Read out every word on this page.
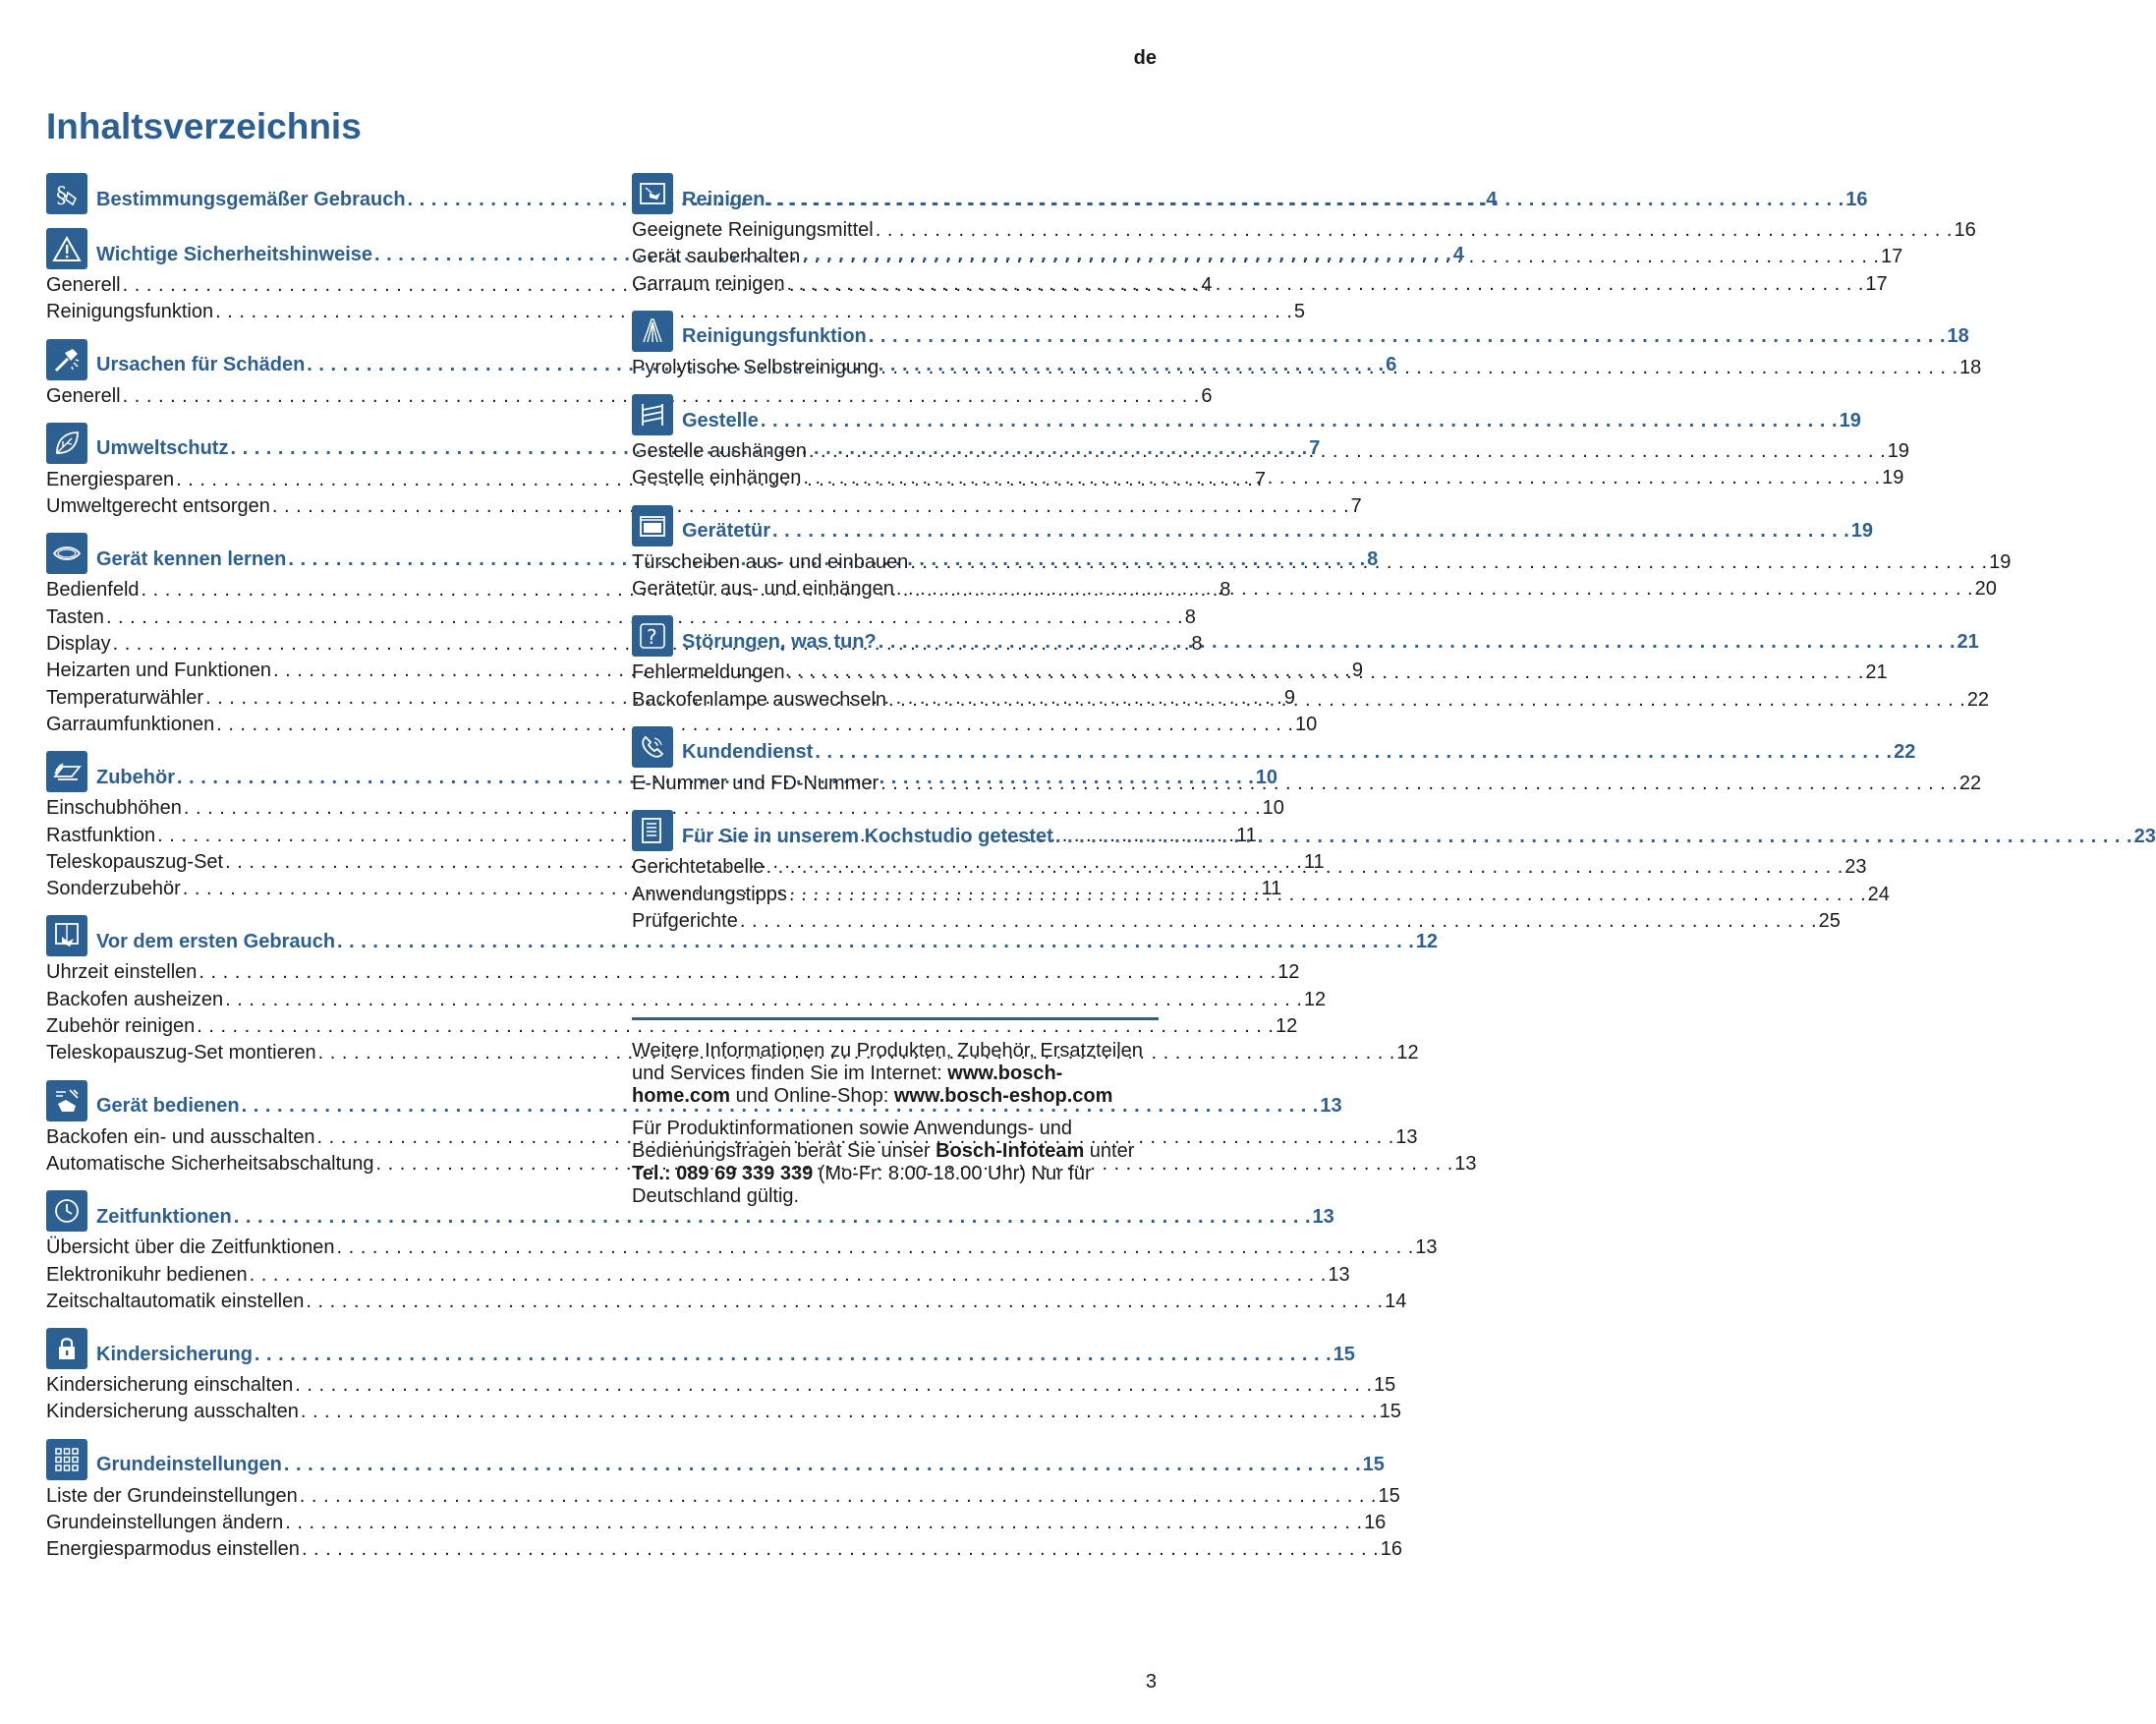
de
Inhaltsverzeichnis
§ Bestimmungsgemäßer Gebrauch . . .	4
Wichtige Sicherheitshinweise . . .	4
Generell . . .	4
Reinigungsfunktion . . .	5
Ursachen für Schäden . . .	6
Generell . . .	6
Umweltschutz . . .	7
Energiesparen . . .	7
Umweltgerecht entsorgen . . .	7
Gerät kennen lernen . . .	8
Bedienfeld . . .	8
Tasten . . .	8
Display . . .	8
Heizarten und Funktionen . . .	9
Temperaturwähler . . .	9
Garraumfunktionen . . .	10
Zubehör . . .	10
Einschubhöhen . . .	10
Rastfunktion . . .	11
Teleskopauszug-Set . . .	11
Sonderzubehör . . .	11
Vor dem ersten Gebrauch . . .	12
Uhrzeit einstellen . . .	12
Backofen ausheizen . . .	12
Zubehör reinigen . . .	12
Teleskopauszug-Set montieren . . .	12
Gerät bedienen . . .	13
Backofen ein- und ausschalten . . .	13
Automatische Sicherheitsabschaltung . . .	13
Zeitfunktionen . . .	13
Übersicht über die Zeitfunktionen . . .	13
Elektronikuhr bedienen . . .	13
Zeitschaltautomatik einstellen . . .	14
Kindersicherung . . .	15
Kindersicherung einschalten . . .	15
Kindersicherung ausschalten . . .	15
Grundeinstellungen . . .	15
Liste der Grundeinstellungen . . .	15
Grundeinstellungen ändern . . .	16
Energiesparmodus einstellen . . .	16
Reinigen . . .	16
Geeignete Reinigungsmittel . . .	16
Gerät sauberhalten . . .	17
Garraum reinigen . . .	17
Reinigungsfunktion . . .	18
Pyrolytische Selbstreinigung . . .	18
Gestelle . . .	19
Gestelle aushängen . . .	19
Gestelle einhängen . . .	19
Gerätetür . . .	19
Türscheiben aus- und einbauen . . .	19
Gerätetür aus- und einhängen . . .	20
? Störungen, was tun? . . .	21
Fehlermeldungen . . .	21
Backofenlampe auswechseln . . .	22
Kundendienst . . .	22
E-Nummer und FD-Nummer . . .	22
Für Sie in unserem Kochstudio getestet . . .	23
Gerichtetabelle . . .	23
Anwendungstipps . . .	24
Prüfgerichte . . .	25

Weitere Informationen zu Produkten, Zubehör, Ersatzteilen und Services finden Sie im Internet: www.bosch-home.com und Online-Shop: www.bosch-eshop.com

Für Produktinformationen sowie Anwendungs- und Bedienungsfragen berät Sie unser Bosch-Infoteam unter Tel.: 089 69 339 339 (Mo-Fr: 8.00-18.00 Uhr) Nur für Deutschland gültig.

3
